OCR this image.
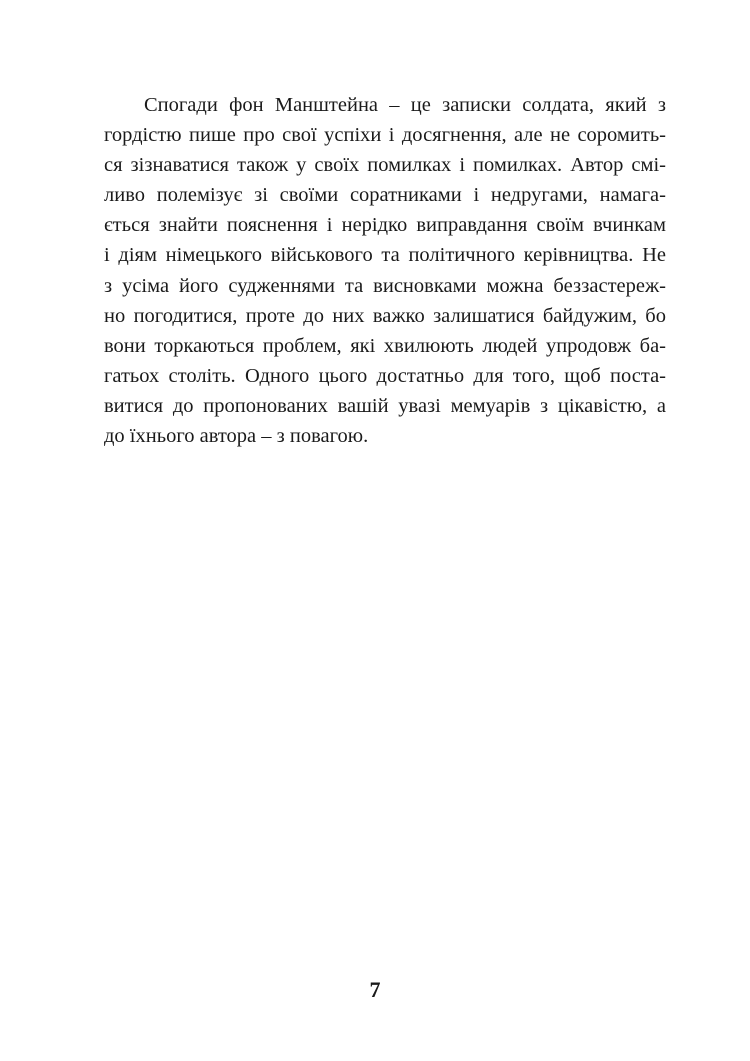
Спогади фон Манштейна – це записки солдата, який з
гордістю пише про свої успіхи і досягнення, але не соромить-
ся зізнаватися також у своїх помилках і помилках. Автор смі-
ливо полемізує зі своїми соратниками і недругами, намага-
ється знайти пояснення і нерідко виправдання своїм вчинкам
і діям німецького військового та політичного керівництва. Не
з усіма його судженнями та висновками можна беззастереж-
но погодитися, проте до них важко залишатися байдужим, бо
вони торкаються проблем, які хвилюють людей упродовж ба-
гатьох століть. Одного цього достатньо для того, щоб поста-
витися до пропонованих вашій увазі мемуарів з цікавістю, а
до їхнього автора – з повагою.
7
